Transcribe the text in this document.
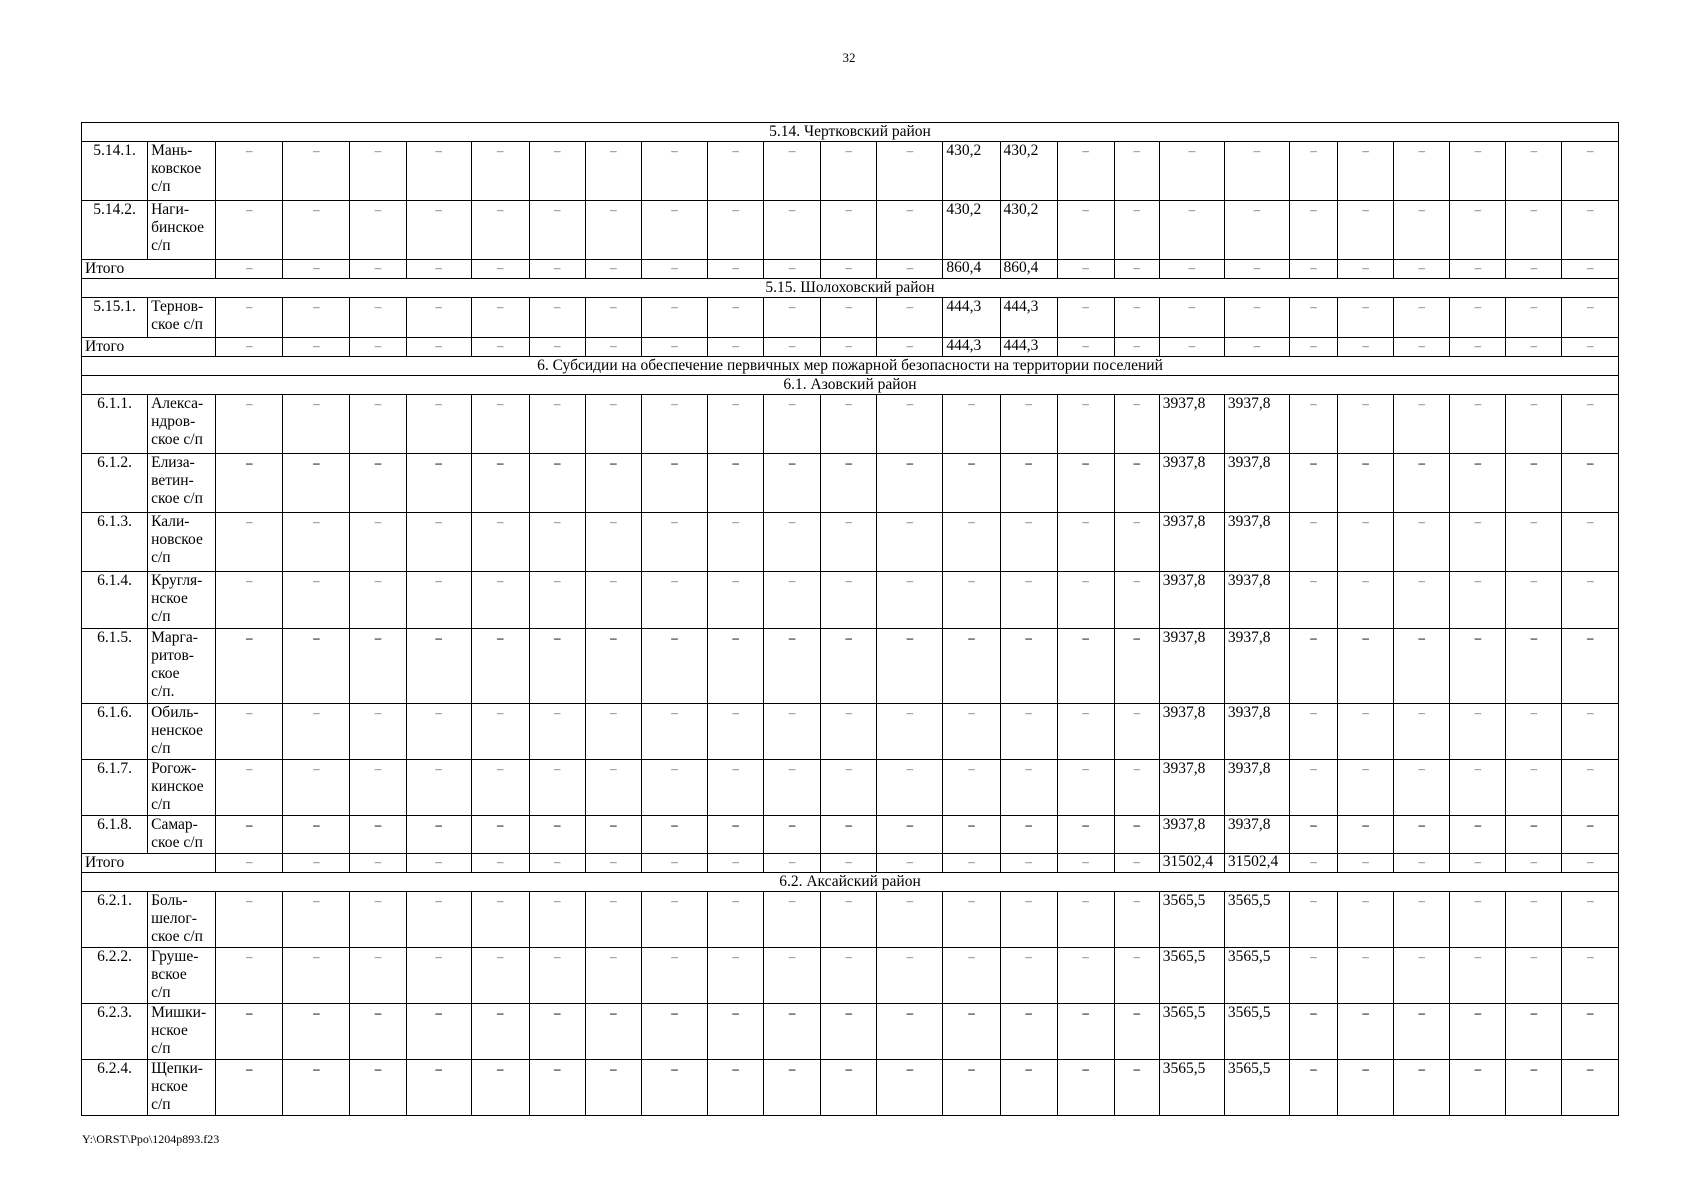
32
5.14. Чертковский район																									
5.14.1.	Мань-
ковское
с/п	–	–	–	–	–	–	–	–	–	–	–	–	430,2	430,2	–	–	–	–	–	–	–	–	–	–
5.14.2.	Наги-
бинское
с/п	–	–	–	–	–	–	–	–	–	–	–	–	430,2	430,2	–	–	–	–	–	–	–	–	–	–
Итого		–	–	–	–	–	–	–	–	–	–	–	–	860,4	860,4	–	–	–	–	–	–	–	–	–	–
5.15. Шолоховский район																									
5.15.1.	Тернов-
ское с/п	–	–	–	–	–	–	–	–	–	–	–	–	444,3	444,3	–	–	–	–	–	–	–	–	–	–
Итого		–	–	–	–	–	–	–	–	–	–	–	–	444,3	444,3	–	–	–	–	–	–	–	–	–	–
6. Субсидии на обеспечение первичных мер пожарной безопасности на территории поселений																									
6.1. Азовский район																									
6.1.1.	Алекса-
ндров-
ское с/п	–	–	–	–	–	–	–	–	–	–	–	–	–	–	–	–	3937,8	3937,8	–	–	–	–	–	–
6.1.2.	Елиза-
ветин-
ское с/п	–	–	–	–	–	–	–	–	–	–	–	–	–	–	–	–	3937,8	3937,8	–	–	–	–	–	–
6.1.3.	Кали-
новское
с/п	–	–	–	–	–	–	–	–	–	–	–	–	–	–	–	–	3937,8	3937,8	–	–	–	–	–	–
6.1.4.	Кругля-
нское
с/п	–	–	–	–	–	–	–	–	–	–	–	–	–	–	–	–	3937,8	3937,8	–	–	–	–	–	–
6.1.5.	Марга-
ритов-
ское
с/п.	–	–	–	–	–	–	–	–	–	–	–	–	–	–	–	–	3937,8	3937,8	–	–	–	–	–	–
6.1.6.	Обиль-
ненское
с/п	–	–	–	–	–	–	–	–	–	–	–	–	–	–	–	–	3937,8	3937,8	–	–	–	–	–	–
6.1.7.	Рогож-
кинское
с/п	–	–	–	–	–	–	–	–	–	–	–	–	–	–	–	–	3937,8	3937,8	–	–	–	–	–	–
6.1.8.	Самар-
ское с/п	–	–	–	–	–	–	–	–	–	–	–	–	–	–	–	–	3937,8	3937,8	–	–	–	–	–	–
Итого		–	–	–	–	–	–	–	–	–	–	–	–	–	–	–	–	31502,4	31502,4	–	–	–	–	–	–
6.2. Аксайский район																									
6.2.1.	Боль-
шелог-
ское с/п	–	–	–	–	–	–	–	–	–	–	–	–	–	–	–	–	3565,5	3565,5	–	–	–	–	–	–
6.2.2.	Груше-
вское
с/п	–	–	–	–	–	–	–	–	–	–	–	–	–	–	–	–	3565,5	3565,5	–	–	–	–	–	–
6.2.3.	Мишки-
нское
с/п	–	–	–	–	–	–	–	–	–	–	–	–	–	–	–	–	3565,5	3565,5	–	–	–	–	–	–
6.2.4.	Щепки-
нское
с/п	–	–	–	–	–	–	–	–	–	–	–	–	–	–	–	–	3565,5	3565,5	–	–	–	–	–	–
Y:\ORST\Ppo\1204p893.f23
